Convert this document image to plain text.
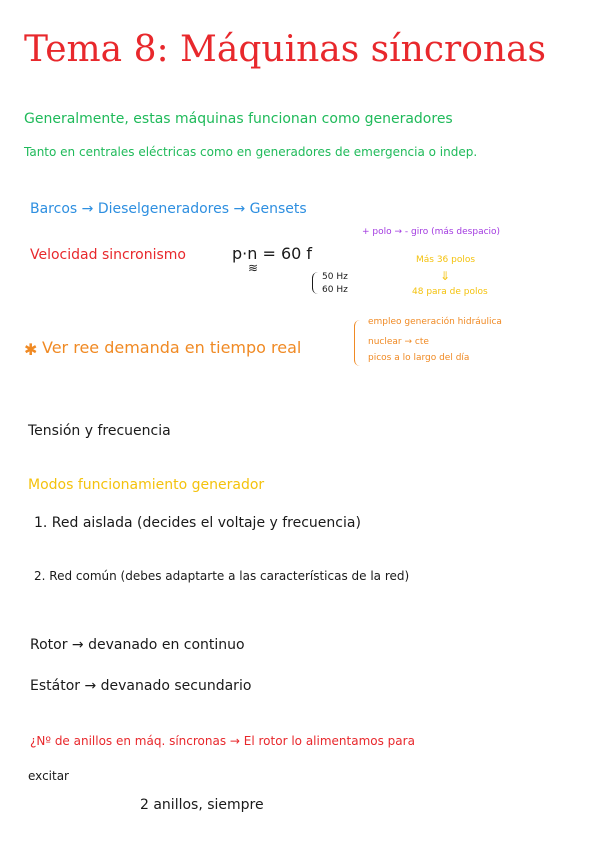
Tema 8: Máquinas síncronas
Generalmente, estas máquinas funcionan como generadores
Tanto en centrales eléctricas como en generadores de emergencia o indep.
Barcos → Dieselgeneradores → Gensets
+ polo → - giro (más despacio)
Velocidad sincronismo	p·n = 60 f
≋
50 Hz
60 Hz
Más 36 polos
⇓
48 para de polos
✱ Ver ree demanda en tiempo real
empleo generación hidráulica
nuclear → cte
picos a lo largo del día
Tensión y frecuencia
Modos funcionamiento generador
1. Red aislada (decides el voltaje y frecuencia)
2. Red común (debes adaptarte a las características de la red)
Rotor → devanado en continuo
Estátor → devanado secundario
¿Nº de anillos en máq. síncronas → El rotor lo alimentamos para
excitar
2 anillos, siempre
